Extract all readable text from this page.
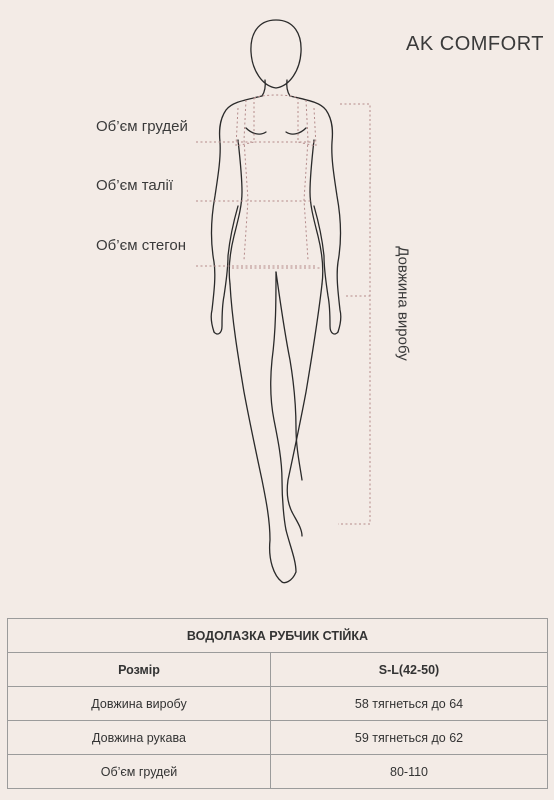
AK COMFORT
Об’єм грудей
Об’єм талії
Об’єм стегон
Довжина виробу
ВОДОЛАЗКА РУБЧИК СТІЙКА	
Розмір	S-L(42-50)
Довжина виробу	58 тягнеться до 64
Довжина рукава	59 тягнеться до 62
Об’єм грудей	80-110
